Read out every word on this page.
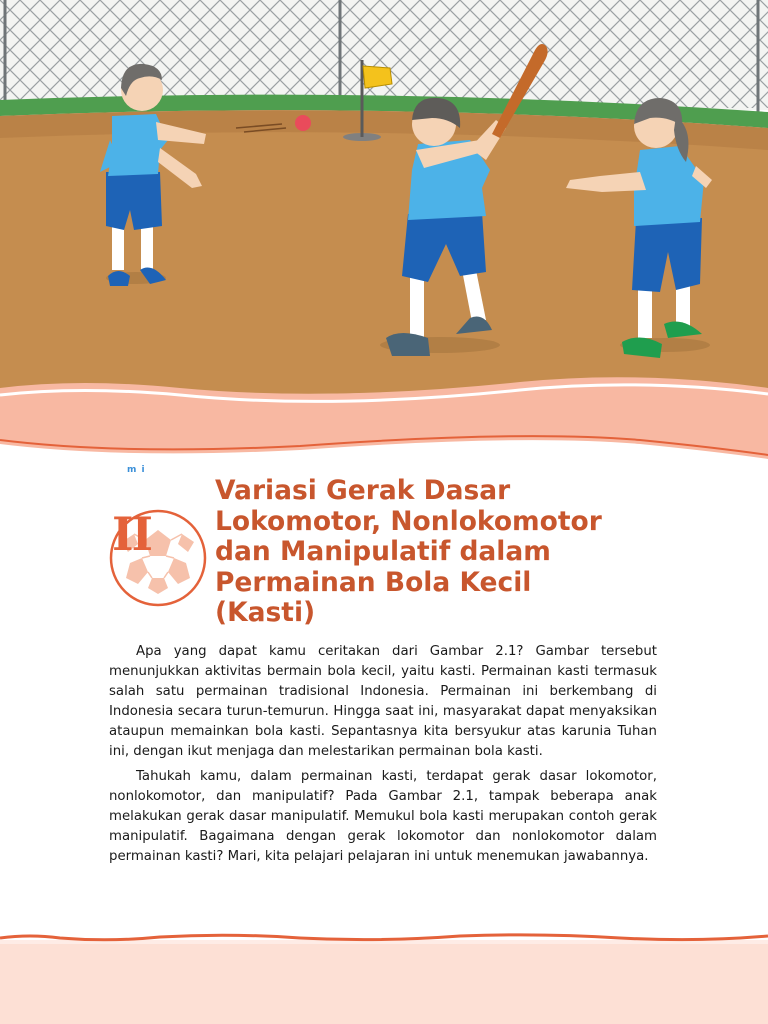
m i
II
Variasi Gerak Dasar
Lokomotor, Nonlokomotor
dan Manipulatif dalam
Permainan Bola Kecil
(Kasti)

Apa yang dapat kamu ceritakan dari Gambar 2.1? Gambar tersebut menunjukkan aktivitas bermain bola kecil, yaitu kasti. Permainan kasti termasuk salah satu permainan tradisional Indonesia. Permainan ini berkembang di Indonesia secara turun-temurun. Hingga saat ini, masyarakat dapat menyaksikan ataupun memainkan bola kasti. Sepantasnya kita bersyukur atas karunia Tuhan ini, dengan ikut menjaga dan melestarikan permainan bola kasti.

Tahukah kamu, dalam permainan kasti, terdapat gerak dasar lokomotor, nonlokomotor, dan manipulatif? Pada Gambar 2.1, tampak beberapa anak melakukan gerak dasar manipulatif. Memukul bola kasti merupakan contoh gerak manipulatif. Bagaimana dengan gerak lokomotor dan nonlokomotor dalam permainan kasti? Mari, kita pelajari pelajaran ini untuk menemukan jawabannya.
